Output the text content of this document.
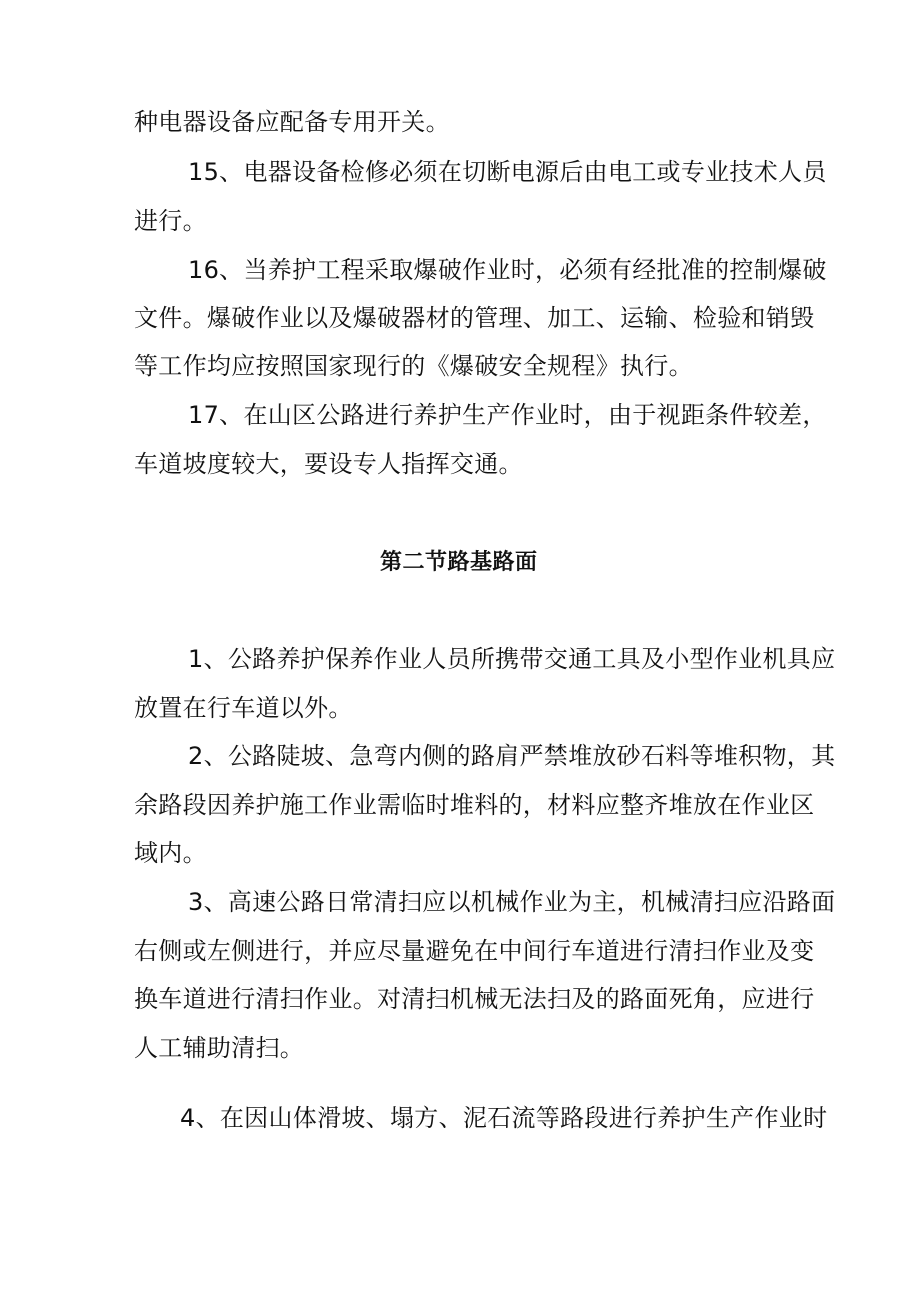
种电器设备应配备专用开关。
15、电器设备检修必须在切断电源后由电工或专业技术人员
进行。
16、当养护工程采取爆破作业时，必须有经批准的控制爆破
文件。爆破作业以及爆破器材的管理、加工、运输、检验和销毁
等工作均应按照国家现行的《爆破安全规程》执行。
17、在山区公路进行养护生产作业时，由于视距条件较差，
车道坡度较大，要设专人指挥交通。
第二节路基路面
1、公路养护保养作业人员所携带交通工具及小型作业机具应
放置在行车道以外。
2、公路陡坡、急弯内侧的路肩严禁堆放砂石料等堆积物，其
余路段因养护施工作业需临时堆料的，材料应整齐堆放在作业区
域内。
3、高速公路日常清扫应以机械作业为主，机械清扫应沿路面
右侧或左侧进行，并应尽量避免在中间行车道进行清扫作业及变
换车道进行清扫作业。对清扫机械无法扫及的路面死角，应进行
人工辅助清扫。
4、在因山体滑坡、塌方、泥石流等路段进行养护生产作业时
